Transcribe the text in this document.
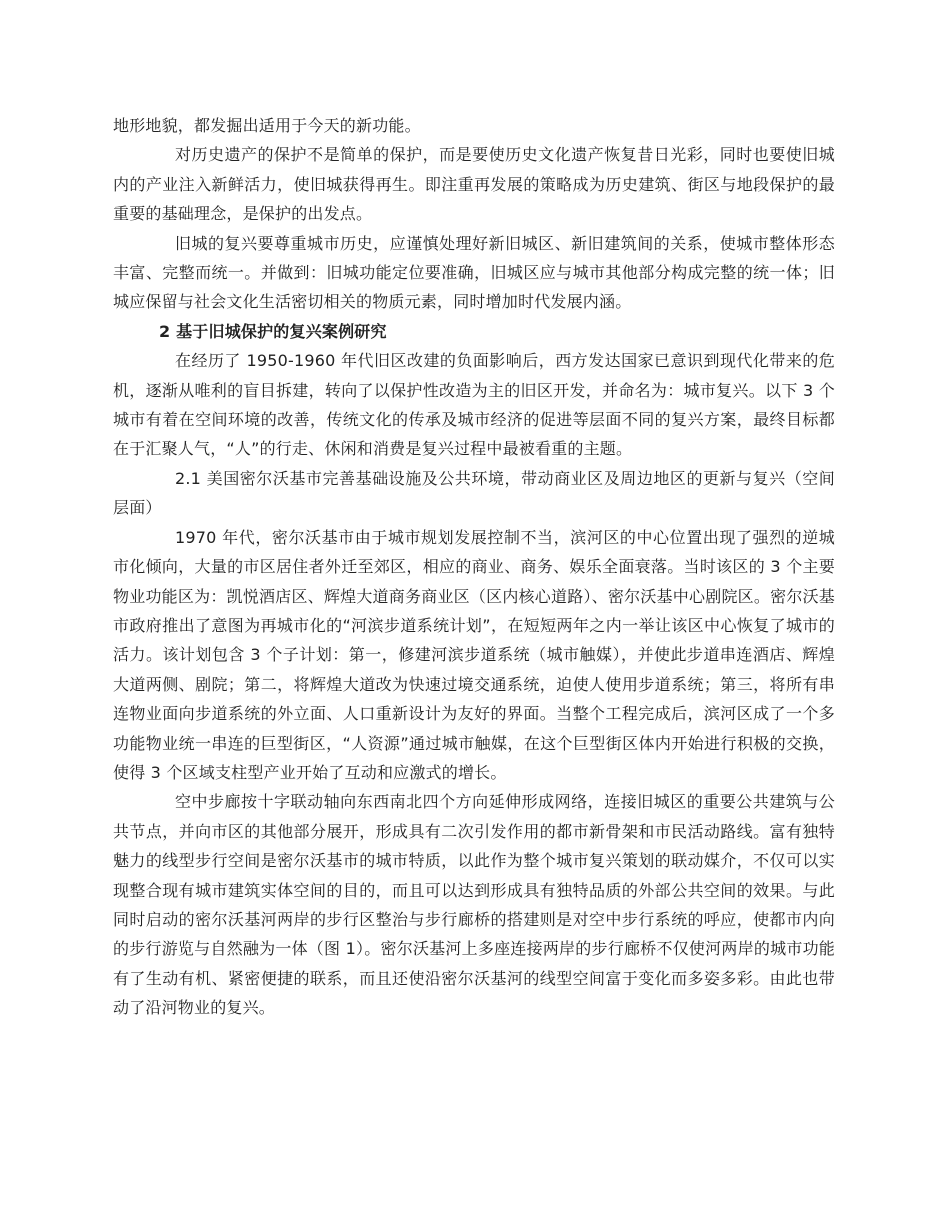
地形地貌，都发掘出适用于今天的新功能。

对历史遗产的保护不是简单的保护，而是要使历史文化遗产恢复昔日光彩，同时也要使旧城内的产业注入新鲜活力，使旧城获得再生。即注重再发展的策略成为历史建筑、街区与地段保护的最重要的基础理念，是保护的出发点。

旧城的复兴要尊重城市历史，应谨慎处理好新旧城区、新旧建筑间的关系，使城市整体形态丰富、完整而统一。并做到：旧城功能定位要准确，旧城区应与城市其他部分构成完整的统一体；旧城应保留与社会文化生活密切相关的物质元素，同时增加时代发展内涵。

2 基于旧城保护的复兴案例研究

在经历了 1950-1960 年代旧区改建的负面影响后，西方发达国家已意识到现代化带来的危机，逐渐从唯利的盲目拆建，转向了以保护性改造为主的旧区开发，并命名为：城市复兴。以下 3 个城市有着在空间环境的改善，传统文化的传承及城市经济的促进等层面不同的复兴方案，最终目标都在于汇聚人气，“人”的行走、休闲和消费是复兴过程中最被看重的主题。

2.1 美国密尔沃基市完善基础设施及公共环境，带动商业区及周边地区的更新与复兴（空间层面）

1970 年代，密尔沃基市由于城市规划发展控制不当，滨河区的中心位置出现了强烈的逆城市化倾向，大量的市区居住者外迁至郊区，相应的商业、商务、娱乐全面衰落。当时该区的 3 个主要物业功能区为：凯悦酒店区、辉煌大道商务商业区（区内核心道路）、密尔沃基中心剧院区。密尔沃基市政府推出了意图为再城市化的“河滨步道系统计划”，在短短两年之内一举让该区中心恢复了城市的活力。该计划包含 3 个子计划：第一，修建河滨步道系统（城市触媒），并使此步道串连酒店、辉煌大道两侧、剧院；第二，将辉煌大道改为快速过境交通系统，迫使人使用步道系统；第三，将所有串连物业面向步道系统的外立面、人口重新设计为友好的界面。当整个工程完成后，滨河区成了一个多功能物业统一串连的巨型街区，“人资源”通过城市触媒，在这个巨型街区体内开始进行积极的交换，使得 3 个区域支柱型产业开始了互动和应激式的增长。

空中步廊按十字联动轴向东西南北四个方向延伸形成网络，连接旧城区的重要公共建筑与公共节点，并向市区的其他部分展开，形成具有二次引发作用的都市新骨架和市民活动路线。富有独特魅力的线型步行空间是密尔沃基市的城市特质，以此作为整个城市复兴策划的联动媒介，不仅可以实现整合现有城市建筑实体空间的目的，而且可以达到形成具有独特品质的外部公共空间的效果。与此同时启动的密尔沃基河两岸的步行区整治与步行廊桥的搭建则是对空中步行系统的呼应，使都市内向的步行游览与自然融为一体（图 1）。密尔沃基河上多座连接两岸的步行廊桥不仅使河两岸的城市功能有了生动有机、紧密便捷的联系，而且还使沿密尔沃基河的线型空间富于变化而多姿多彩。由此也带动了沿河物业的复兴。
